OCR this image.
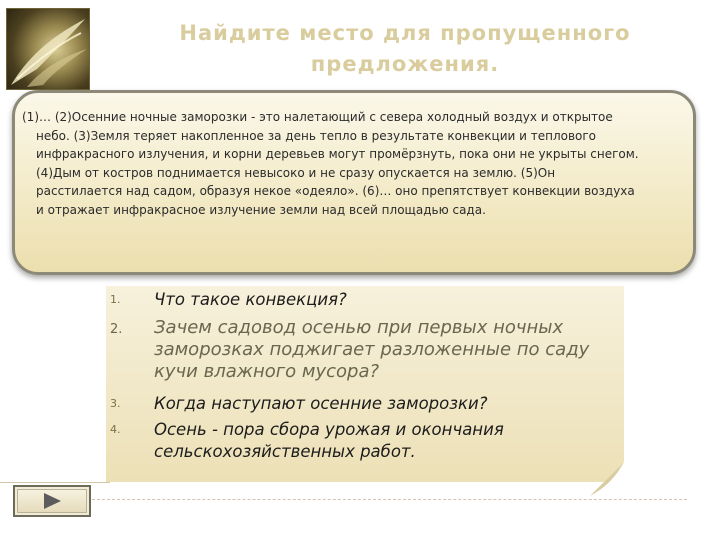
Найдите место для пропущенного
предложения.

(1)… (2)Осенние ночные заморозки - это налетающий с севера холодный воздух и открытое

небо. (3)Земля теряет накопленное за день тепло в результате конвекции и теплового

инфракрасного излучения, и корни деревьев могут промёрзнуть, пока они не укрыты снегом.

(4)Дым от костров поднимается невысоко и не сразу опускается на землю. (5)Он

расстилается над садом, образуя некое «одеяло». (6)… оно препятствует конвекции воздуха

и отражает инфракрасное излучение земли над всей площадью сада.

1.	Что такое конвекция?
2.	Зачем садовод осенью при первых ночных заморозках поджигает разложенные по саду кучи влажного мусора?
3.	Когда наступают осенние заморозки?
4.	Осень - пора сбора урожая и окончания сельскохозяйственных работ.
